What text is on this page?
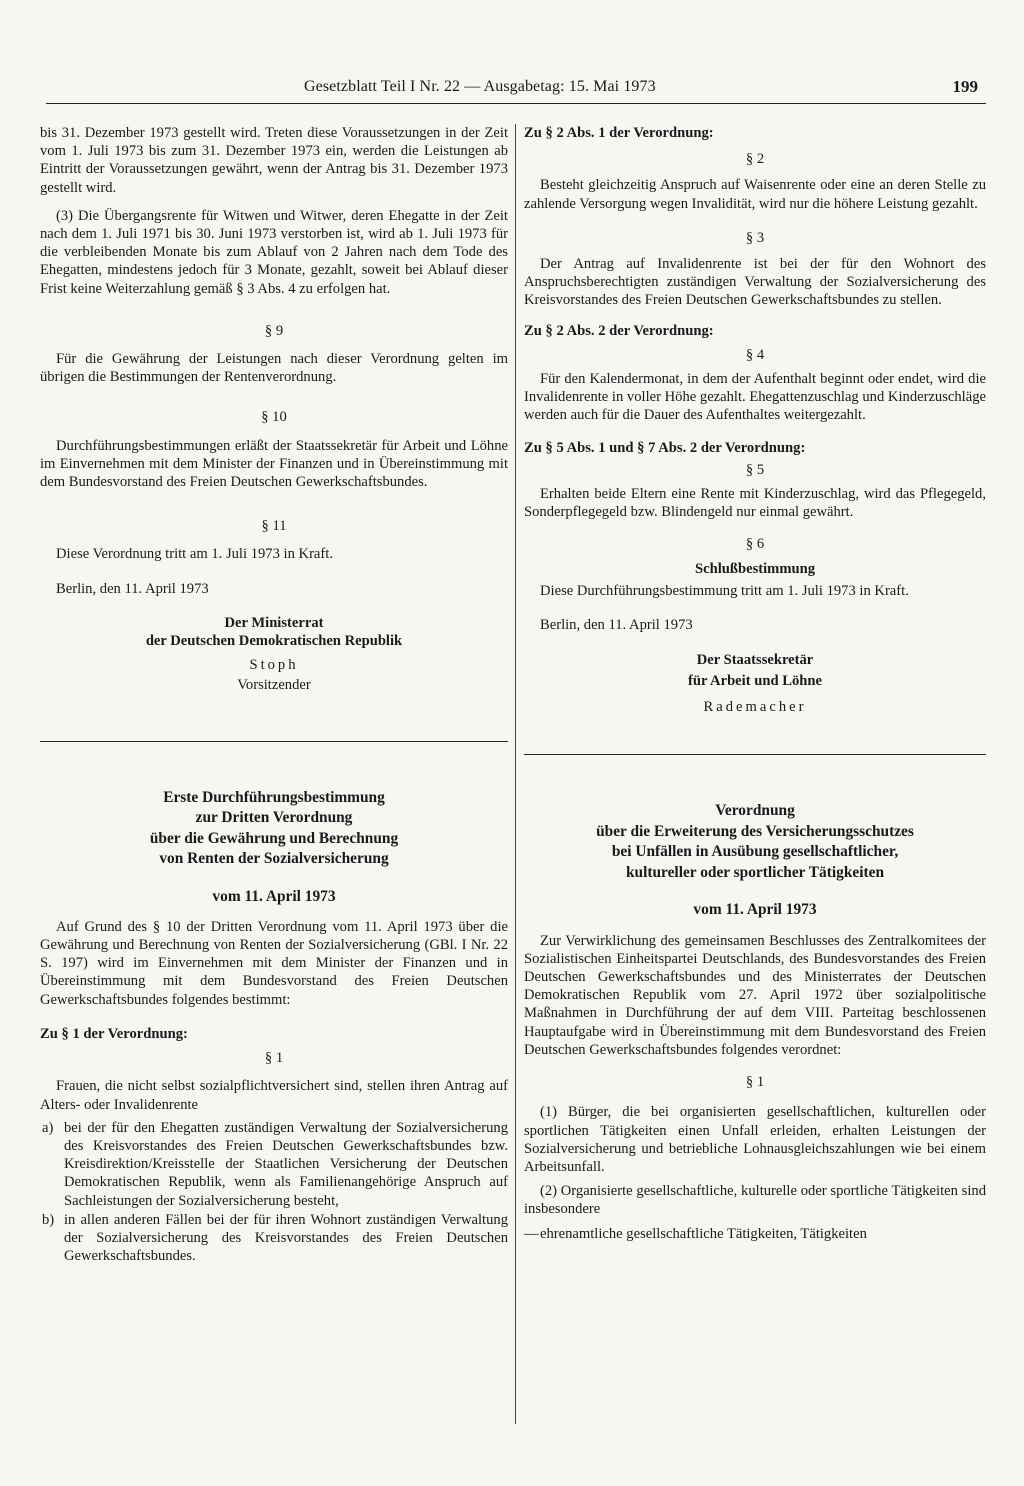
Gesetzblatt Teil I Nr. 22 — Ausgabetag: 15. Mai 1973	199

bis 31. Dezember 1973 gestellt wird. Treten diese Voraussetzungen in der Zeit vom 1. Juli 1973 bis zum 31. Dezember 1973 ein, werden die Leistungen ab Eintritt der Voraussetzungen gewährt, wenn der Antrag bis 31. Dezember 1973 gestellt wird.

(3) Die Übergangsrente für Witwen und Witwer, deren Ehegatte in der Zeit nach dem 1. Juli 1971 bis 30. Juni 1973 verstorben ist, wird ab 1. Juli 1973 für die verbleibenden Monate bis zum Ablauf von 2 Jahren nach dem Tode des Ehegatten, mindestens jedoch für 3 Monate, gezahlt, soweit bei Ablauf dieser Frist keine Weiterzahlung gemäß § 3 Abs. 4 zu erfolgen hat.

§ 9

Für die Gewährung der Leistungen nach dieser Verordnung gelten im übrigen die Bestimmungen der Rentenverordnung.

§ 10

Durchführungsbestimmungen erläßt der Staatssekretär für Arbeit und Löhne im Einvernehmen mit dem Minister der Finanzen und in Übereinstimmung mit dem Bundesvorstand des Freien Deutschen Gewerkschaftsbundes.

§ 11

Diese Verordnung tritt am 1. Juli 1973 in Kraft.

Berlin, den 11. April 1973

Der Ministerrat
der Deutschen Demokratischen Republik
Stoph
Vorsitzender
Erste Durchführungsbestimmung
zur Dritten Verordnung
über die Gewährung und Berechnung
von Renten der Sozialversicherung
vom 11. April 1973

Auf Grund des § 10 der Dritten Verordnung vom 11. April 1973 über die Gewährung und Berechnung von Renten der Sozialversicherung (GBl. I Nr. 22 S. 197) wird im Einvernehmen mit dem Minister der Finanzen und in Übereinstimmung mit dem Bundesvorstand des Freien Deutschen Gewerkschaftsbundes folgendes bestimmt:

Zu § 1 der Verordnung:

§ 1

Frauen, die nicht selbst sozialpflichtversichert sind, stellen ihren Antrag auf Alters- oder Invalidenrente

a) bei der für den Ehegatten zuständigen Verwaltung der Sozialversicherung des Kreisvorstandes des Freien Deutschen Gewerkschaftsbundes bzw. Kreisdirektion/Kreisstelle der Staatlichen Versicherung der Deutschen Demokratischen Republik, wenn als Familienangehörige Anspruch auf Sachleistungen der Sozialversicherung besteht,
b) in allen anderen Fällen bei der für ihren Wohnort zuständigen Verwaltung der Sozialversicherung des Kreisvorstandes des Freien Deutschen Gewerkschaftsbundes.

Zu § 2 Abs. 1 der Verordnung:

§ 2

Besteht gleichzeitig Anspruch auf Waisenrente oder eine an deren Stelle zu zahlende Versorgung wegen Invalidität, wird nur die höhere Leistung gezahlt.

§ 3

Der Antrag auf Invalidenrente ist bei der für den Wohnort des Anspruchsberechtigten zuständigen Verwaltung der Sozialversicherung des Kreisvorstandes des Freien Deutschen Gewerkschaftsbundes zu stellen.

Zu § 2 Abs. 2 der Verordnung:

§ 4

Für den Kalendermonat, in dem der Aufenthalt beginnt oder endet, wird die Invalidenrente in voller Höhe gezahlt. Ehegattenzuschlag und Kinderzuschläge werden auch für die Dauer des Aufenthaltes weitergezahlt.

Zu § 5 Abs. 1 und § 7 Abs. 2 der Verordnung:

§ 5

Erhalten beide Eltern eine Rente mit Kinderzuschlag, wird das Pflegegeld, Sonderpflegegeld bzw. Blindengeld nur einmal gewährt.

§ 6

Schlußbestimmung

Diese Durchführungsbestimmung tritt am 1. Juli 1973 in Kraft.

Berlin, den 11. April 1973

Der Staatssekretär
für Arbeit und Löhne
Rademacher
Verordnung
über die Erweiterung des Versicherungsschutzes
bei Unfällen in Ausübung gesellschaftlicher,
kultureller oder sportlicher Tätigkeiten
vom 11. April 1973

Zur Verwirklichung des gemeinsamen Beschlusses des Zentralkomitees der Sozialistischen Einheitspartei Deutschlands, des Bundesvorstandes des Freien Deutschen Gewerkschaftsbundes und des Ministerrates der Deutschen Demokratischen Republik vom 27. April 1972 über sozialpolitische Maßnahmen in Durchführung der auf dem VIII. Parteitag beschlossenen Hauptaufgabe wird in Übereinstimmung mit dem Bundesvorstand des Freien Deutschen Gewerkschaftsbundes folgendes verordnet:

§ 1

(1) Bürger, die bei organisierten gesellschaftlichen, kulturellen oder sportlichen Tätigkeiten einen Unfall erleiden, erhalten Leistungen der Sozialversicherung und betriebliche Lohnausgleichszahlungen wie bei einem Arbeitsunfall.

(2) Organisierte gesellschaftliche, kulturelle oder sportliche Tätigkeiten sind insbesondere

— ehrenamtliche gesellschaftliche Tätigkeiten, Tätigkeiten
